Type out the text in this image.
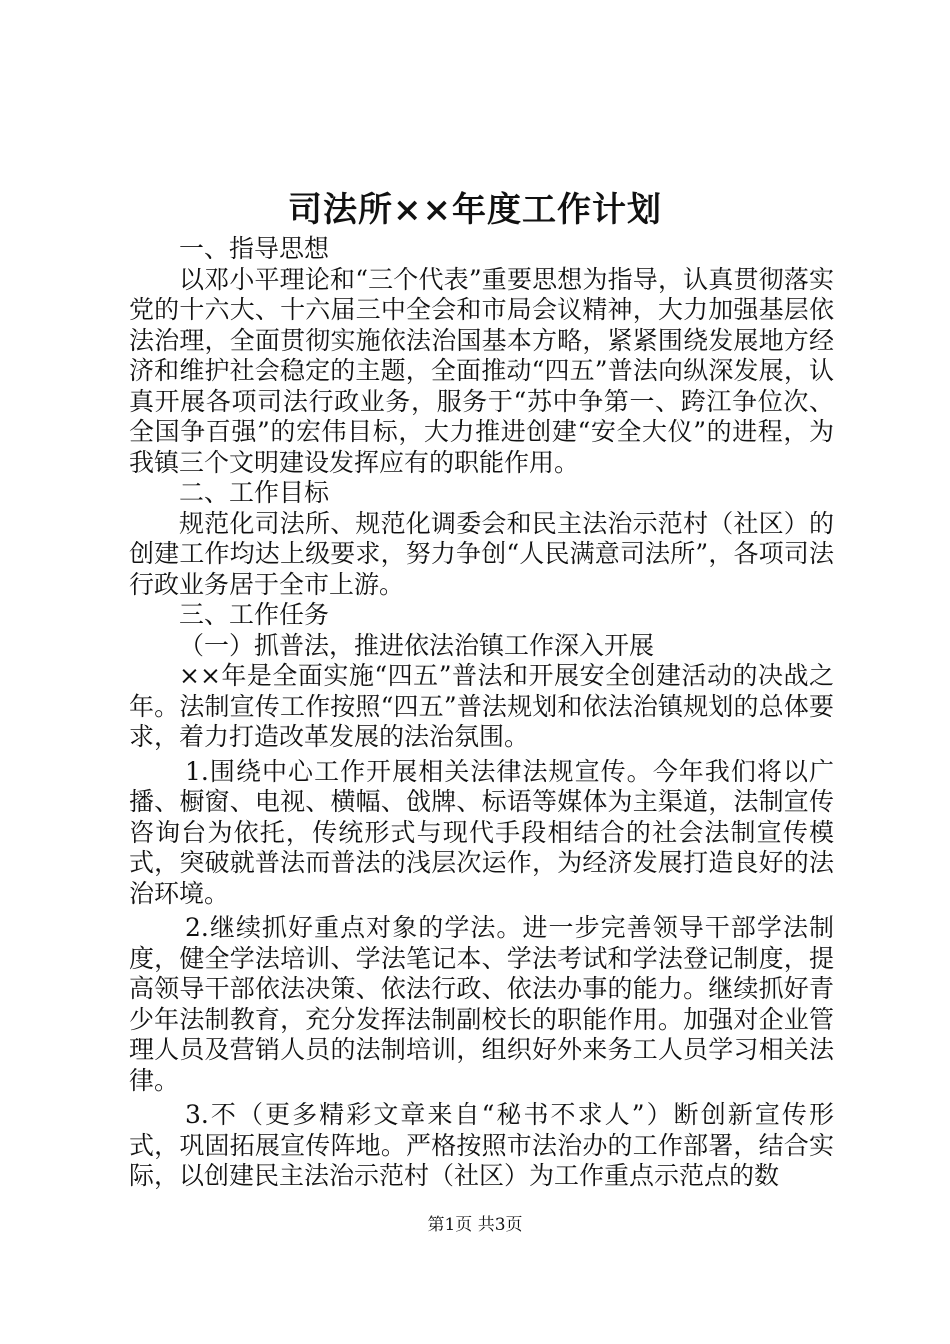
司法所××年度工作计划

一、指导思想

以邓小平理论和“三个代表”重要思想为指导，认真贯彻落实党的十六大、十六届三中全会和市局会议精神，大力加强基层依法治理，全面贯彻实施依法治国基本方略，紧紧围绕发展地方经济和维护社会稳定的主题，全面推动“四五”普法向纵深发展，认真开展各项司法行政业务，服务于“苏中争第一、跨江争位次、全国争百强”的宏伟目标，大力推进创建“安全大仪”的进程，为我镇三个文明建设发挥应有的职能作用。

二、工作目标

规范化司法所、规范化调委会和民主法治示范村（社区）的创建工作均达上级要求，努力争创“人民满意司法所”，各项司法行政业务居于全市上游。

三、工作任务

（一）抓普法，推进依法治镇工作深入开展

××年是全面实施“四五”普法和开展安全创建活动的决战之年。法制宣传工作按照“四五”普法规划和依法治镇规划的总体要求，着力打造改革发展的法治氛围。

1.围绕中心工作开展相关法律法规宣传。今年我们将以广播、橱窗、电视、横幅、戗牌、标语等媒体为主渠道，法制宣传咨询台为依托，传统形式与现代手段相结合的社会法制宣传模式，突破就普法而普法的浅层次运作，为经济发展打造良好的法治环境。

2.继续抓好重点对象的学法。进一步完善领导干部学法制度，健全学法培训、学法笔记本、学法考试和学法登记制度，提高领导干部依法决策、依法行政、依法办事的能力。继续抓好青少年法制教育，充分发挥法制副校长的职能作用。加强对企业管理人员及营销人员的法制培训，组织好外来务工人员学习相关法律。

3.不（更多精彩文章来自“秘书不求人”）断创新宣传形式，巩固拓展宣传阵地。严格按照市法治办的工作部署，结合实际，以创建民主法治示范村（社区）为工作重点示范点的数

第1页 共3页
